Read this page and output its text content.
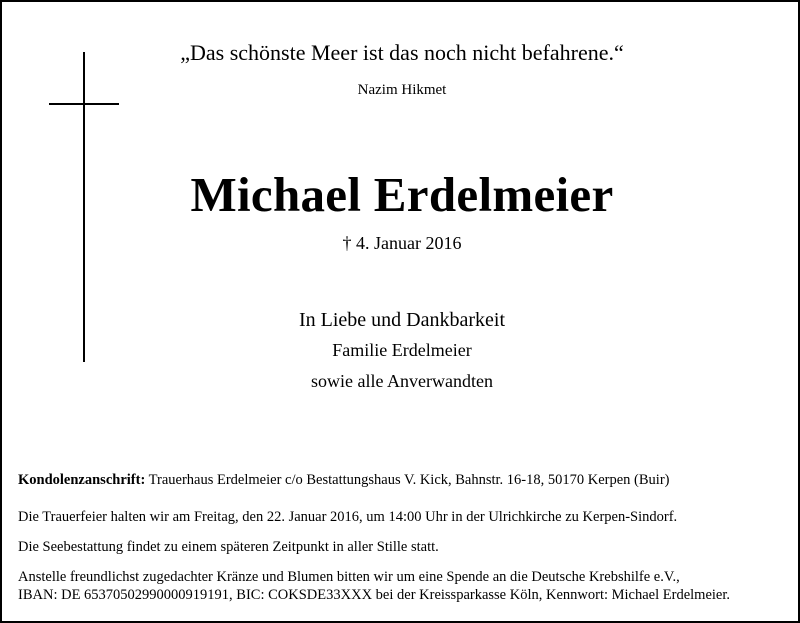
„Das schönste Meer ist das noch nicht befahrene.“
Nazim Hikmet
Michael Erdelmeier
† 4. Januar 2016
In Liebe und Dankbarkeit
Familie Erdelmeier
sowie alle Anverwandten
Kondolenzanschrift: Trauerhaus Erdelmeier c/o Bestattungshaus V. Kick, Bahnstr. 16-18, 50170 Kerpen (Buir)
Die Trauerfeier halten wir am Freitag, den 22. Januar 2016, um 14:00 Uhr in der Ulrichkirche zu Kerpen-Sindorf.
Die Seebestattung findet zu einem späteren Zeitpunkt in aller Stille statt.
Anstelle freundlichst zugedachter Kränze und Blumen bitten wir um eine Spende an die Deutsche Krebshilfe e.V.,
IBAN: DE 65370502990000919191, BIC: COKSDE33XXX bei der Kreissparkasse Köln, Kennwort: Michael Erdelmeier.
